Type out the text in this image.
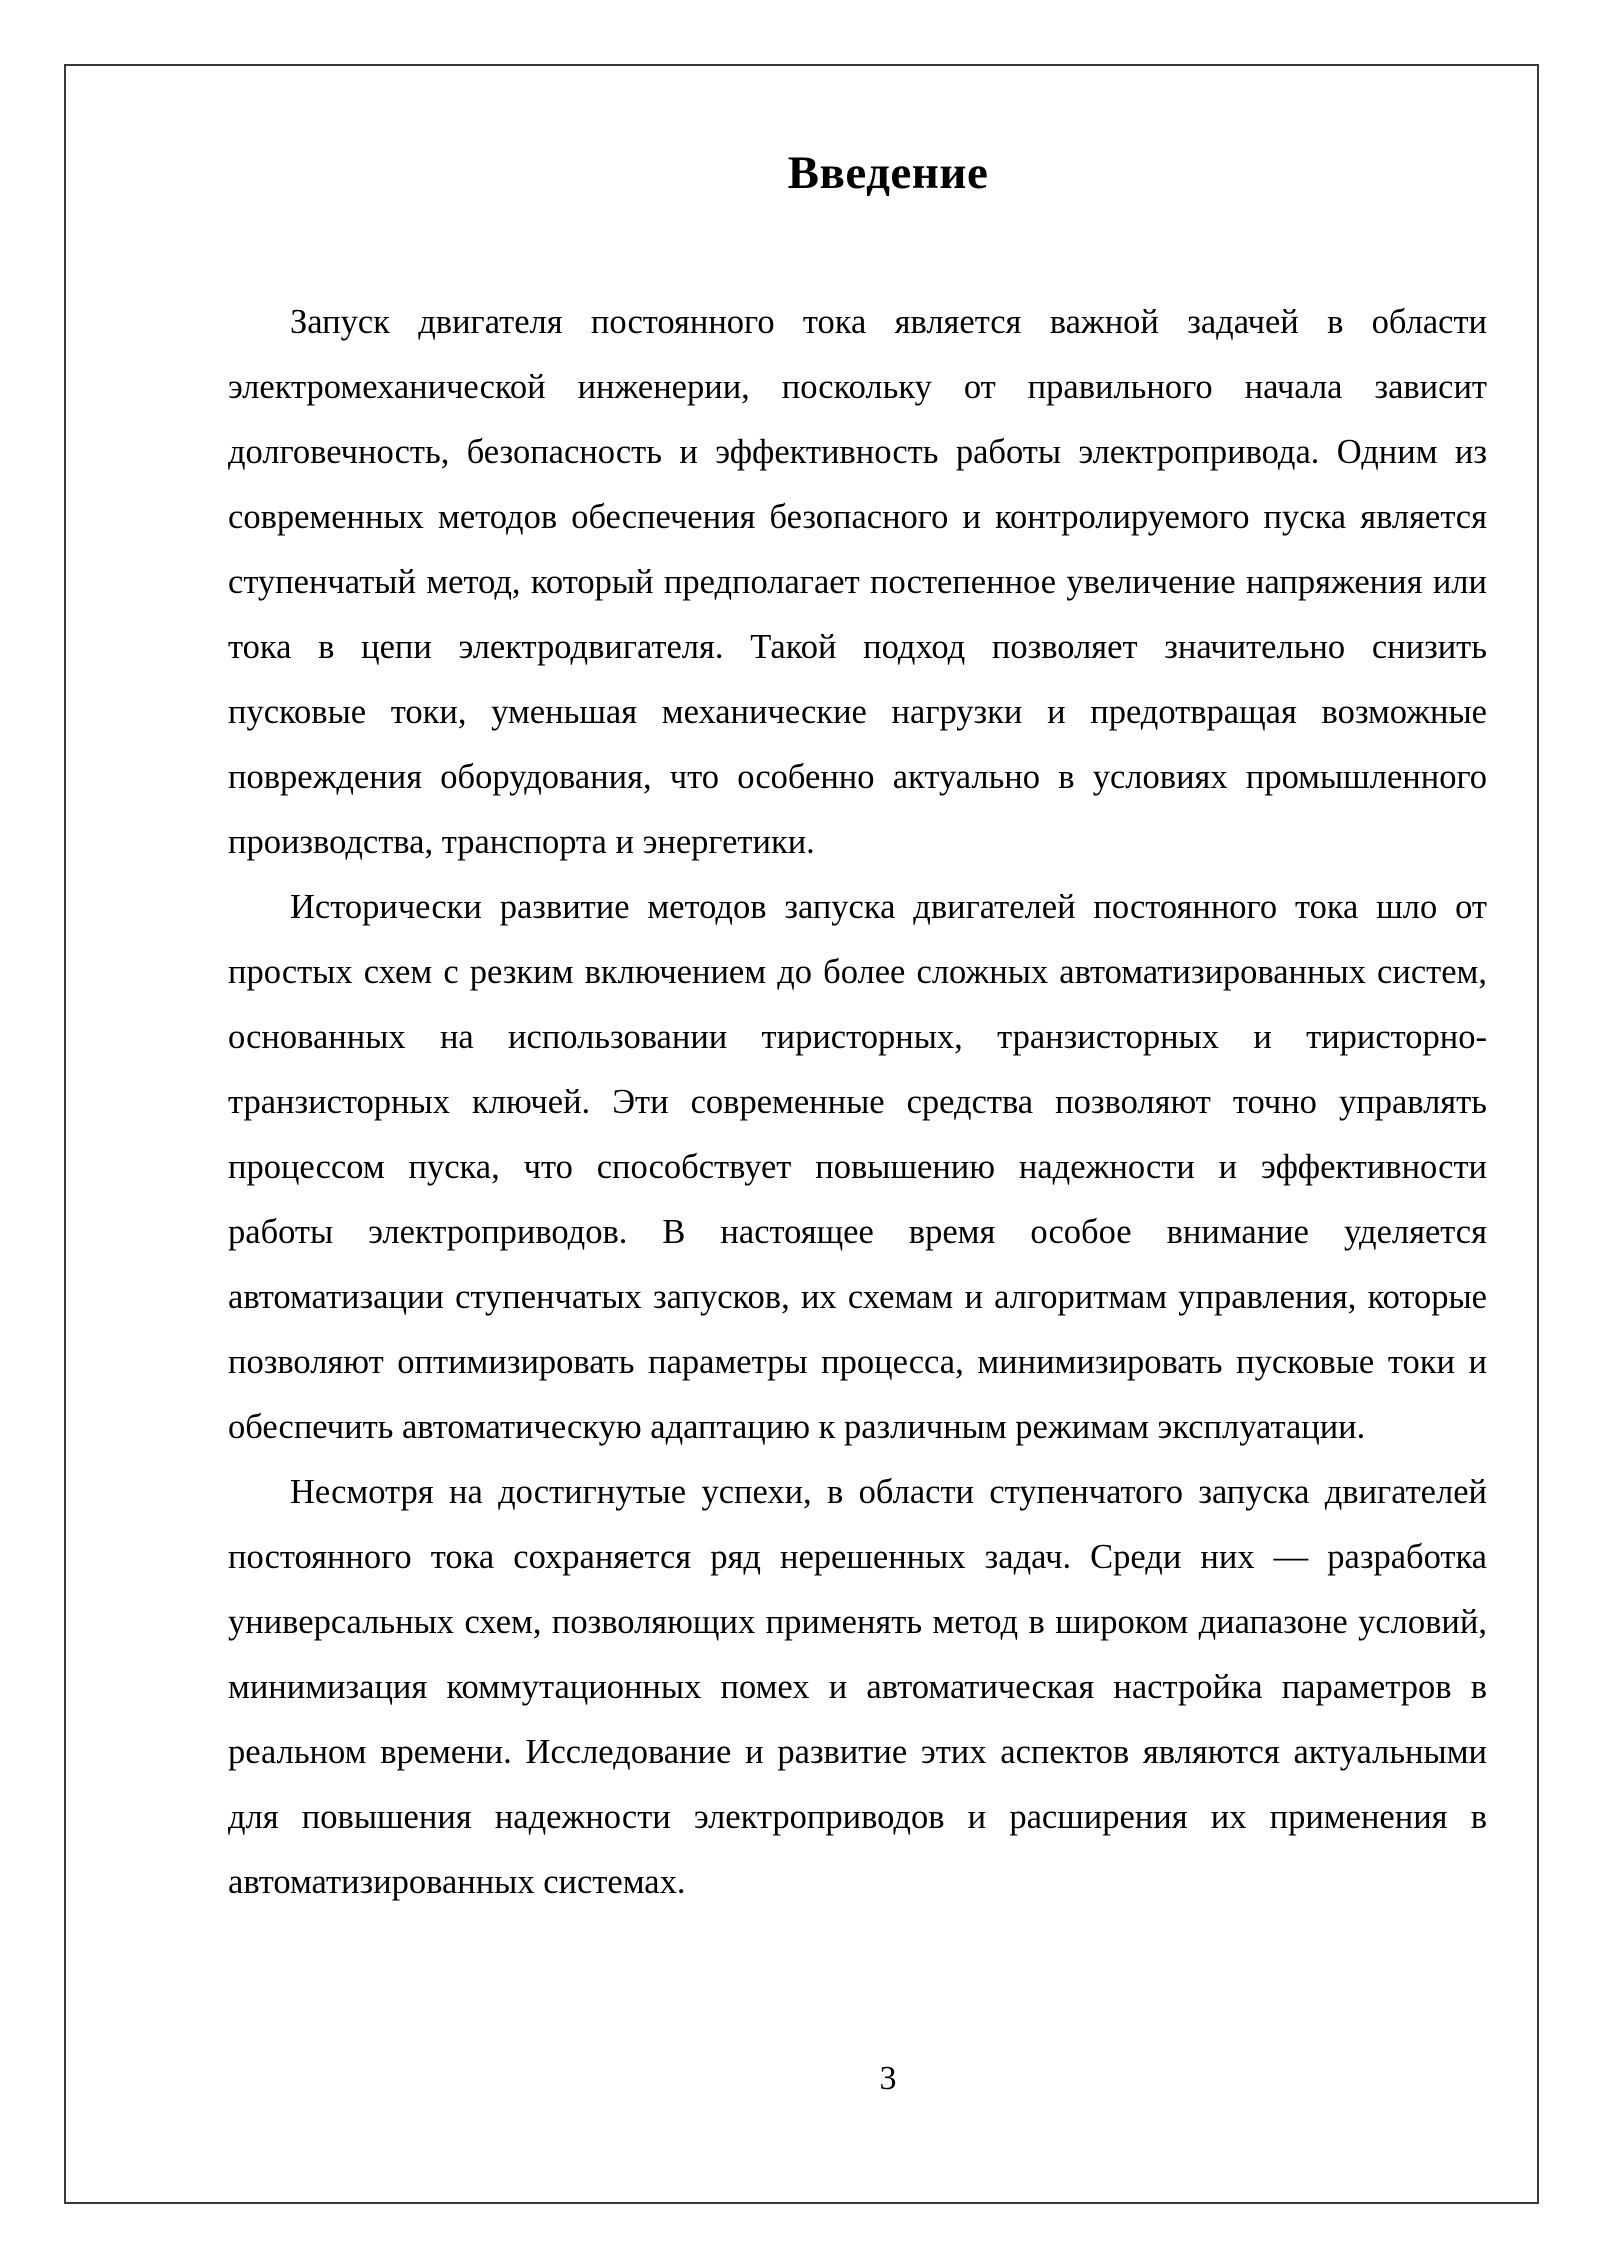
Введение

Запуск двигателя постоянного тока является важной задачей в области электромеханической инженерии, поскольку от правильного начала зависит долговечность, безопасность и эффективность работы электропривода. Одним из современных методов обеспечения безопасного и контролируемого пуска является ступенчатый метод, который предполагает постепенное увеличение напряжения или тока в цепи электродвигателя. Такой подход позволяет значительно снизить пусковые токи, уменьшая механические нагрузки и предотвращая возможные повреждения оборудования, что особенно актуально в условиях промышленного производства, транспорта и энергетики.

Исторически развитие методов запуска двигателей постоянного тока шло от простых схем с резким включением до более сложных автоматизированных систем, основанных на использовании тиристорных, транзисторных и тиристорно-транзисторных ключей. Эти современные средства позволяют точно управлять процессом пуска, что способствует повышению надежности и эффективности работы электроприводов. В настоящее время особое внимание уделяется автоматизации ступенчатых запусков, их схемам и алгоритмам управления, которые позволяют оптимизировать параметры процесса, минимизировать пусковые токи и обеспечить автоматическую адаптацию к различным режимам эксплуатации.

Несмотря на достигнутые успехи, в области ступенчатого запуска двигателей постоянного тока сохраняется ряд нерешенных задач. Среди них — разработка универсальных схем, позволяющих применять метод в широком диапазоне условий, минимизация коммутационных помех и автоматическая настройка параметров в реальном времени. Исследование и развитие этих аспектов являются актуальными для повышения надежности электроприводов и расширения их применения в автоматизированных системах.

3
